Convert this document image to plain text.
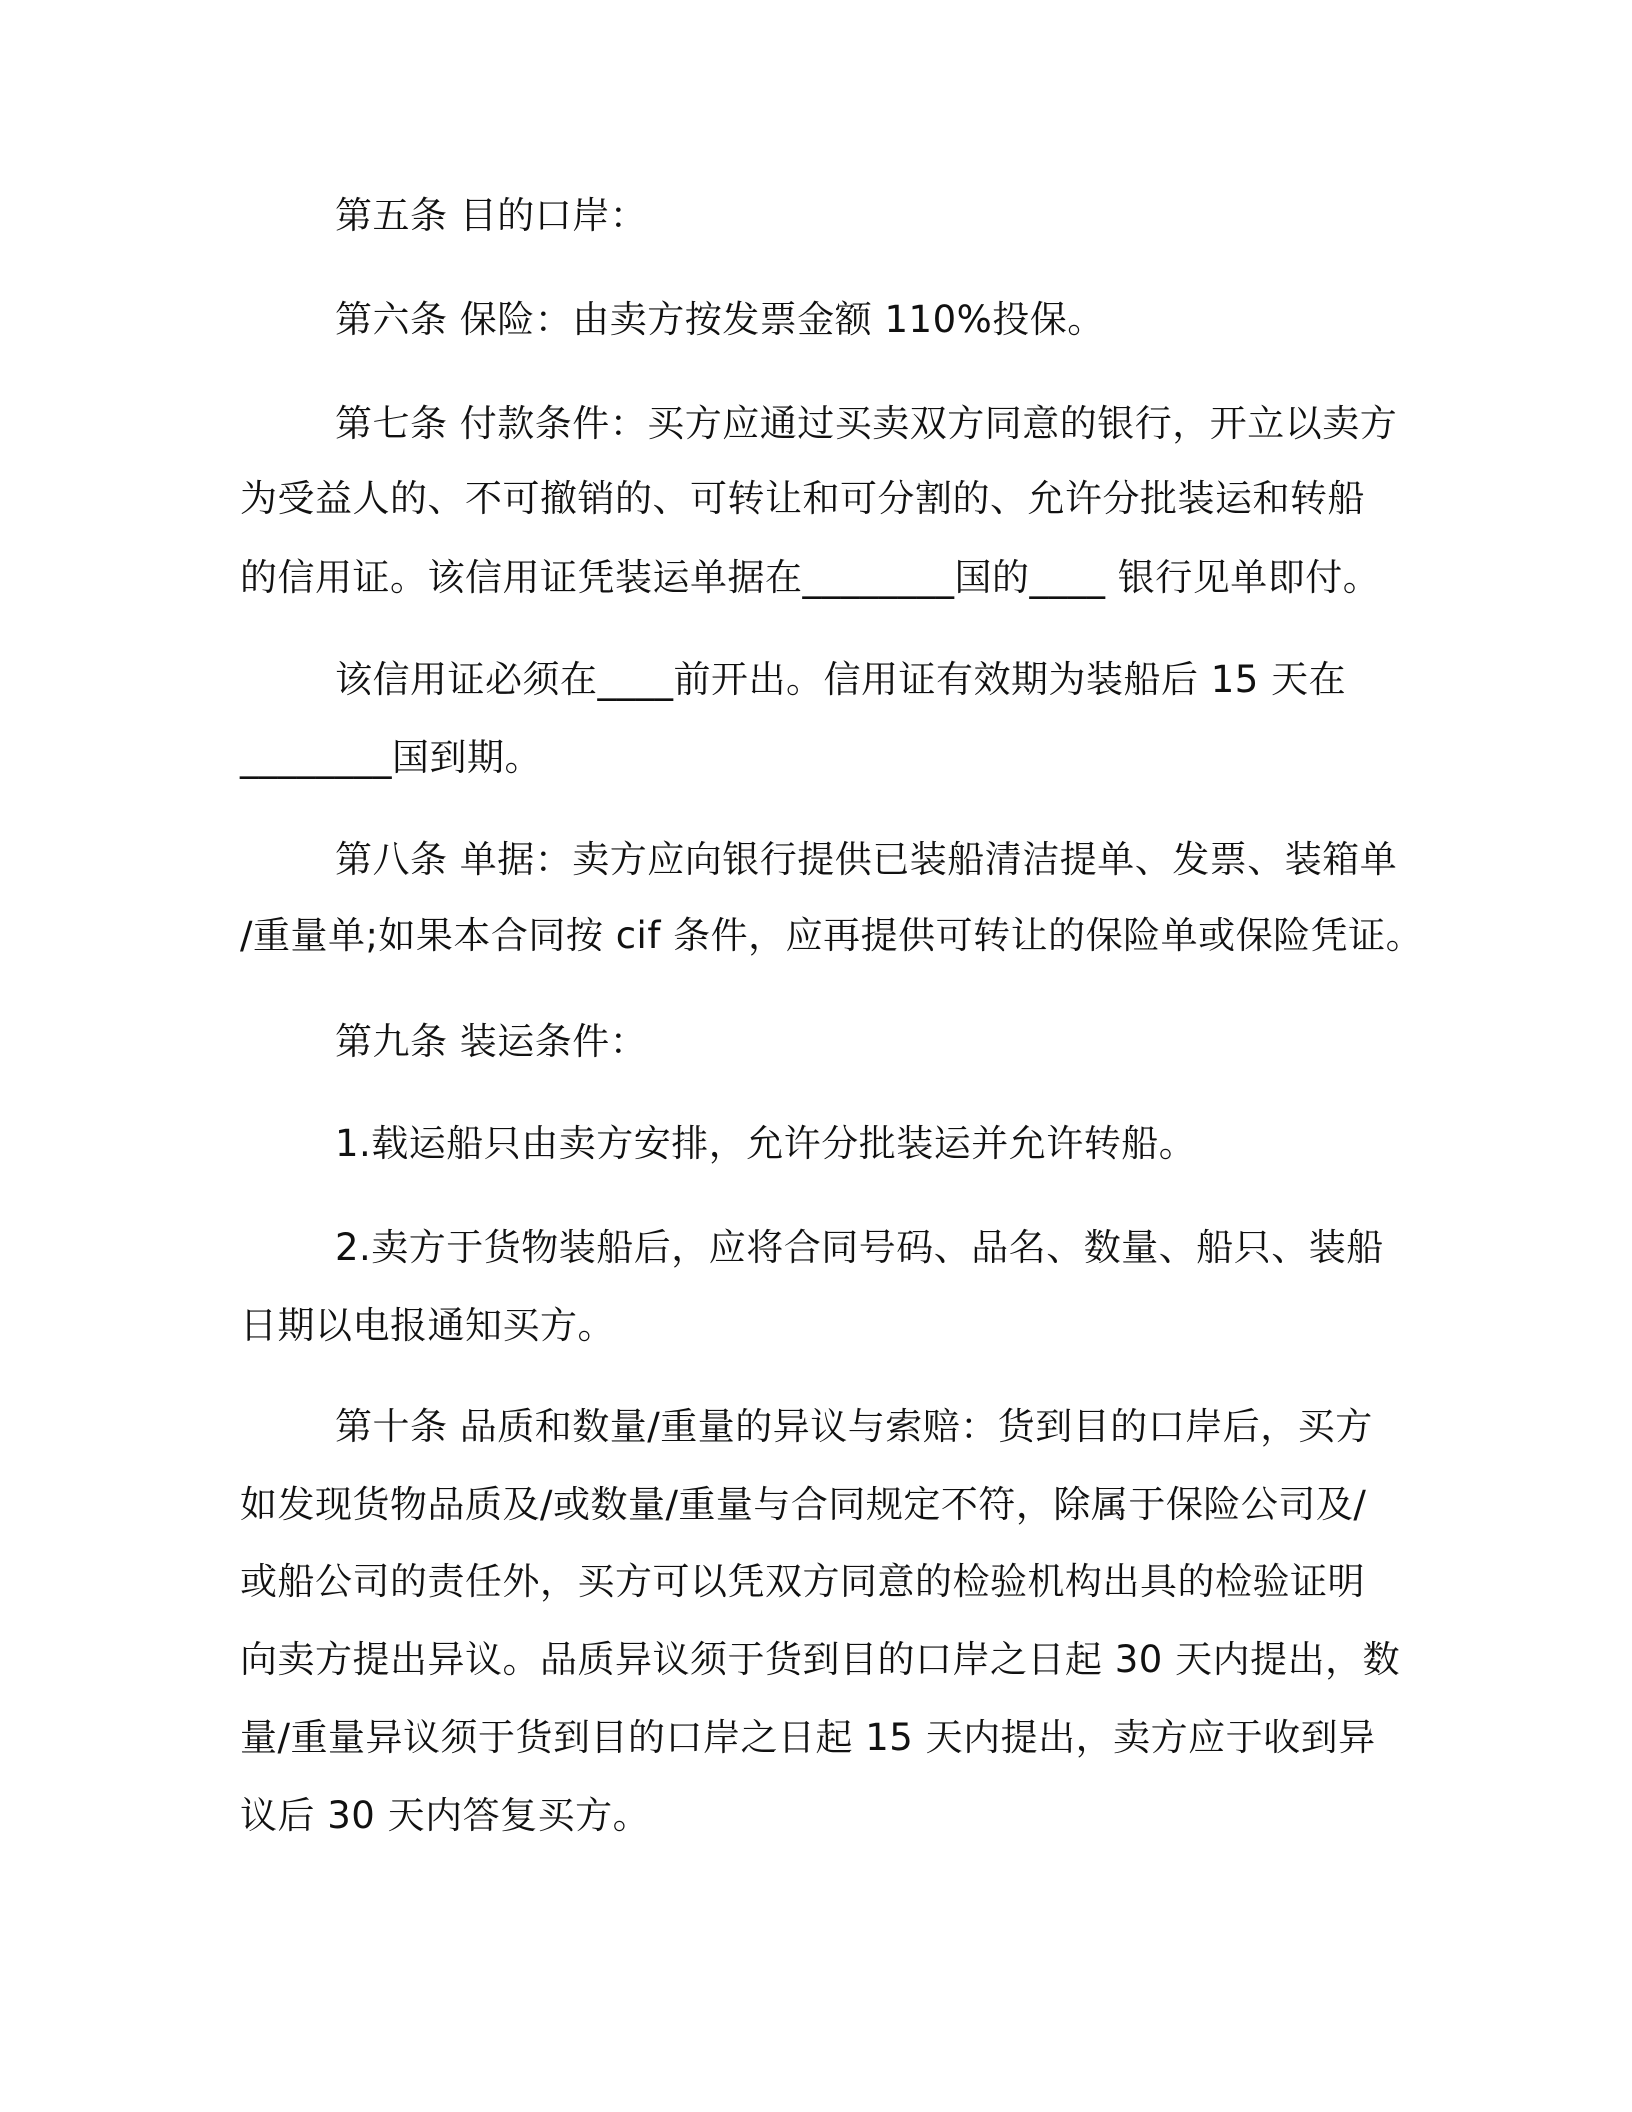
第五条 目的口岸：
第六条 保险：由卖方按发票金额 110%投保。
第七条 付款条件：买方应通过买卖双方同意的银行，开立以卖方
为受益人的、不可撤销的、可转让和可分割的、允许分批装运和转船
的信用证。该信用证凭装运单据在________国的____ 银行见单即付。
该信用证必须在____前开出。信用证有效期为装船后 15 天在
________国到期。
第八条 单据：卖方应向银行提供已装船清洁提单、发票、装箱单
/重量单;如果本合同按 cif 条件，应再提供可转让的保险单或保险凭证。
第九条 装运条件：
1.载运船只由卖方安排，允许分批装运并允许转船。
2.卖方于货物装船后，应将合同号码、品名、数量、船只、装船
日期以电报通知买方。
第十条 品质和数量/重量的异议与索赔：货到目的口岸后，买方
如发现货物品质及/或数量/重量与合同规定不符，除属于保险公司及/
或船公司的责任外，买方可以凭双方同意的检验机构出具的检验证明
向卖方提出异议。品质异议须于货到目的口岸之日起 30 天内提出，数
量/重量异议须于货到目的口岸之日起 15 天内提出，卖方应于收到异
议后 30 天内答复买方。
